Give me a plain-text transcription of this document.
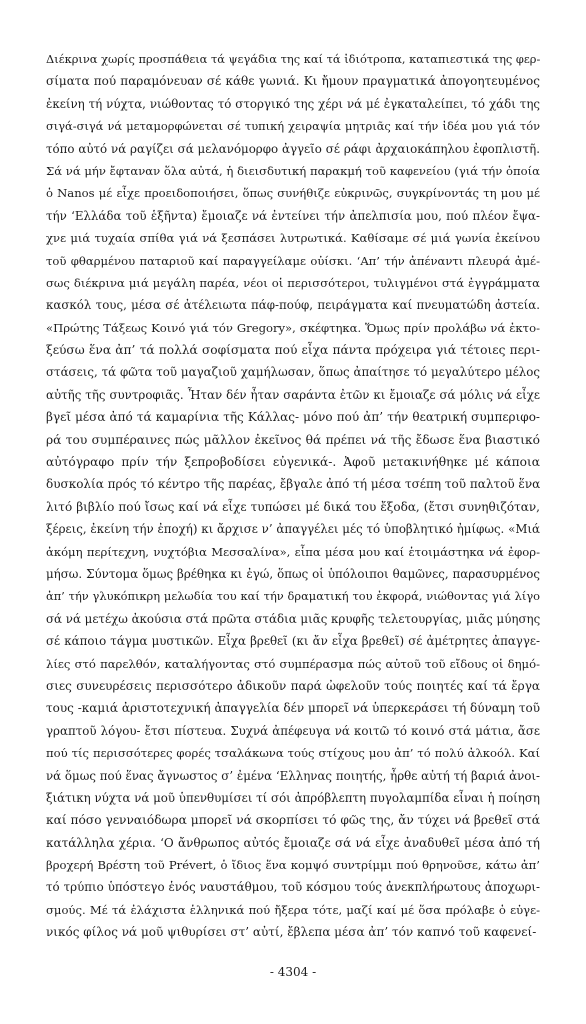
Διέκρινα χωρίς προσπάθεια τά ψεγάδια της καί τά ἰδιότροπα, καταπιεστικά της φερ-
σίματα πού παραμόνευαν σέ κάθε γωνιά. Κι ἤμουν πραγματικά ἀπογοητευμένος
ἐκείνη τή νύχτα, νιώθοντας τό στοργικό της χέρι νά μέ ἐγκαταλείπει, τό χάδι της
σιγά-σιγά νά μεταμορφώνεται σέ τυπική χειραψία μητριᾶς καί τήν ἰδέα μου γιά τόν
τόπο αὐτό νά ραγίζει σά μελανόμορφο ἀγγεῖο σέ ράφι ἀρχαιοκάπηλου ἐφοπλιστῆ.
Σά νά μήν ἔφταναν ὅλα αὐτά, ἡ διεισδυτική παρακμή τοῦ καφενείου (γιά τήν ὁποία
ὁ Nanos μέ εἶχε προειδοποιήσει, ὅπως συνήθιζε εὐκρινῶς, συγκρίνοντάς τη μου μέ
τήν ‘Ελλάδα τοῦ ἑξῆντα) ἔμοιαζε νά ἐντείνει τήν ἀπελπισία μου, πού πλέον ἔψα-
χνε μιά τυχαία σπίθα γιά νά ξεσπάσει λυτρωτικά. Καθίσαμε σέ μιά γωνία ἐκείνου
τοῦ φθαρμένου παταριοῦ καί παραγγείλαμε οὐίσκι. ‘Απ’ τήν ἀπέναντι πλευρά ἀμέ-
σως διέκρινα μιά μεγάλη παρέα, νέοι οἱ περισσότεροι, τυλιγμένοι στά ἐγγράμματα
κασκόλ τους, μέσα σέ ἀτέλειωτα πάφ-πούφ, πειράγματα καί πνευματώδη ἀστεία.
«Πρώτης Τάξεως Κοινό γιά τόν Gregory», σκέφτηκα. Ὅμως πρίν προλάβω νά ἐκτο-
ξεύσω ἕνα ἀπ’ τά πολλά σοφίσματα πού εἶχα πάντα πρόχειρα γιά τέτοιες περι-
στάσεις, τά φῶτα τοῦ μαγαζιοῦ χαμήλωσαν, ὅπως ἀπαίτησε τό μεγαλύτερο μέλος
αὐτῆς τῆς συντροφιᾶς. Ἦταν δέν ἦταν σαράντα ἐτῶν κι ἔμοιαζε σά μόλις νά εἶχε
βγεῖ μέσα ἀπό τά καμαρίνια τῆς Κάλλας- μόνο πού ἀπ’ τήν θεατρική συμπεριφο-
ρά του συμπέραινες πώς μᾶλλον ἐκεῖνος θά πρέπει νά τῆς ἔδωσε ἕνα βιαστικό
αὐτόγραφο πρίν τήν ξεπροβοδίσει εὐγενικά-. Ἀφοῦ μετακινήθηκε μέ κάποια
δυσκολία πρός τό κέντρο τῆς παρέας, ἔβγαλε ἀπό τή μέσα τσέπη τοῦ παλτοῦ ἕνα
λιτό βιβλίο πού ἴσως καί νά εἶχε τυπώσει μέ δικά του ἔξοδα, (ἔτσι συνηθιζόταν,
ξέρεις, ἐκείνη τήν ἐποχή) κι ἄρχισε ν’ ἀπαγγέλει μές τό ὑποβλητικό ἠμίφως. «Μιά
ἀκόμη περίτεχνη, νυχτόβια Μεσσαλίνα», εἶπα μέσα μου καί ἑτοιμάστηκα νά ἐφορ-
μήσω. Σύντομα ὅμως βρέθηκα κι ἐγώ, ὅπως οἱ ὑπόλοιποι θαμῶνες, παρασυρμένος
ἀπ’ τήν γλυκόπικρη μελωδία του καί τήν δραματική του ἐκφορά, νιώθοντας γιά λίγο
σά νά μετέχω ἀκούσια στά πρῶτα στάδια μιᾶς κρυφῆς τελετουργίας, μιᾶς μύησης
σέ κάποιο τάγμα μυστικῶν. Εἶχα βρεθεῖ (κι ἄν εἶχα βρεθεῖ) σέ ἀμέτρητες ἀπαγγε-
λίες στό παρελθόν, καταλήγοντας στό συμπέρασμα πώς αὐτοῦ τοῦ εἴδους οἱ δημό-
σιες συνευρέσεις περισσότερο ἀδικοῦν παρά ὠφελοῦν τούς ποιητές καί τά ἔργα
τους -καμιά ἀριστοτεχνική ἀπαγγελία δέν μπορεῖ νά ὑπερκεράσει τή δύναμη τοῦ
γραπτοῦ λόγου- ἔτσι πίστευα. Συχνά ἀπέφευγα νά κοιτῶ τό κοινό στά μάτια, ἄσε
πού τίς περισσότερες φορές τσαλάκωνα τούς στίχους μου ἀπ’ τό πολύ ἀλκοόλ. Καί
νά ὅμως πού ἕνας ἄγνωστος σ’ ἐμένα ‘Ελληνας ποιητής, ἦρθε αὐτή τή βαριά ἀνοι-
ξιάτικη νύχτα νά μοῦ ὑπενθυμίσει τί σόι ἀπρόβλεπτη πυγολαμπίδα εἶναι ἡ ποίηση
καί πόσο γενναιόδωρα μπορεῖ νά σκορπίσει τό φῶς της, ἄν τύχει νά βρεθεῖ στά
κατάλληλα χέρια. ‘Ο ἄνθρωπος αὐτός ἔμοιαζε σά νά εἶχε ἀναδυθεῖ μέσα ἀπό τή
βροχερή Βρέστη τοῦ Prévert, ὁ ἴδιος ἕνα κομψό συντρίμμι πού θρηνοῦσε, κάτω ἀπ’
τό τρύπιο ὑπόστεγο ἑνός ναυστάθμου, τοῦ κόσμου τούς ἀνεκπλήρωτους ἀποχωρι-
σμούς. Μέ τά ἐλάχιστα ἑλληνικά πού ἤξερα τότε, μαζί καί μέ ὅσα πρόλαβε ὁ εὐγε-
νικός φίλος νά μοῦ ψιθυρίσει στ’ αὐτί, ἔβλεπα μέσα ἀπ’ τόν καπνό τοῦ καφενεί-
- 4304 -
